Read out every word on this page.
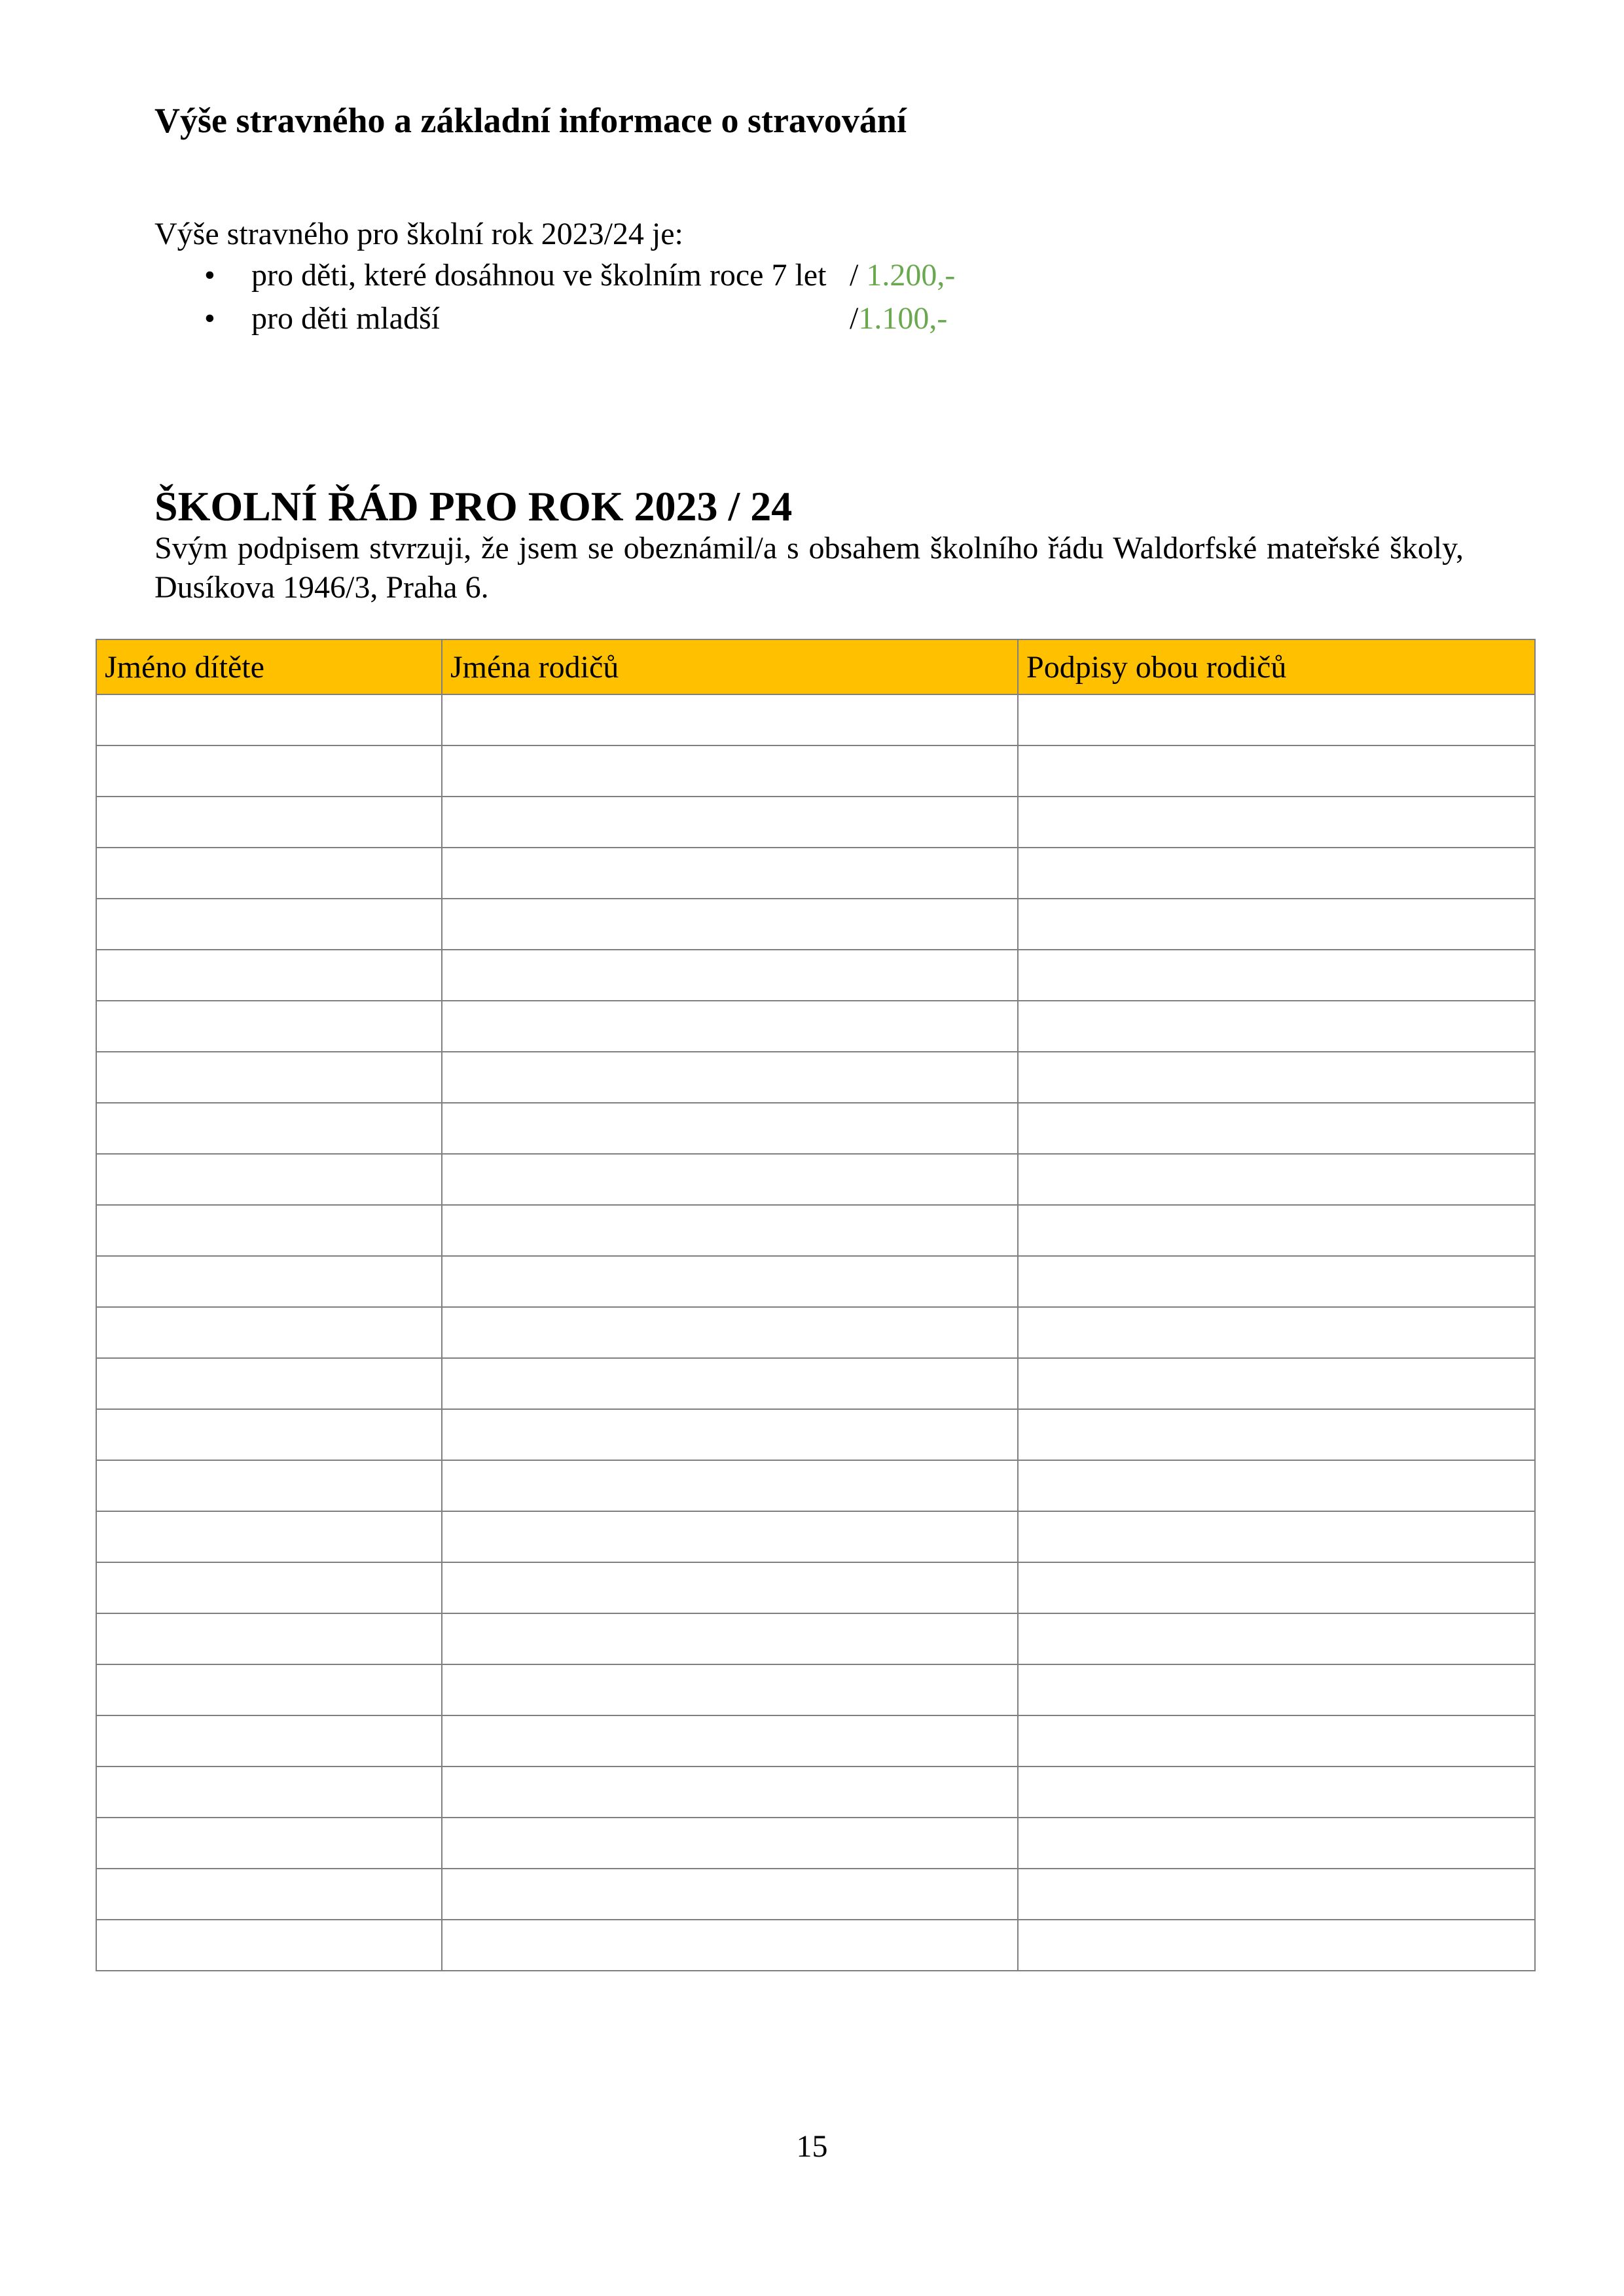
Výše stravného a základní informace o stravování

Výše stravného pro školní rok 2023/24 je:

• pro děti, které dosáhnou ve školním roce 7 let / 1.200,-
• pro děti mladší	/1.100,-
ŠKOLNÍ ŘÁD PRO ROK 2023 / 24

Svým podpisem stvrzuji, že jsem se obeznámil/a s obsahem školního řádu Waldorfské mateřské školy, Dusíkova 1946/3, Praha 6.

Jméno dítěte	Jména rodičů	Podpisy obou rodičů

15
